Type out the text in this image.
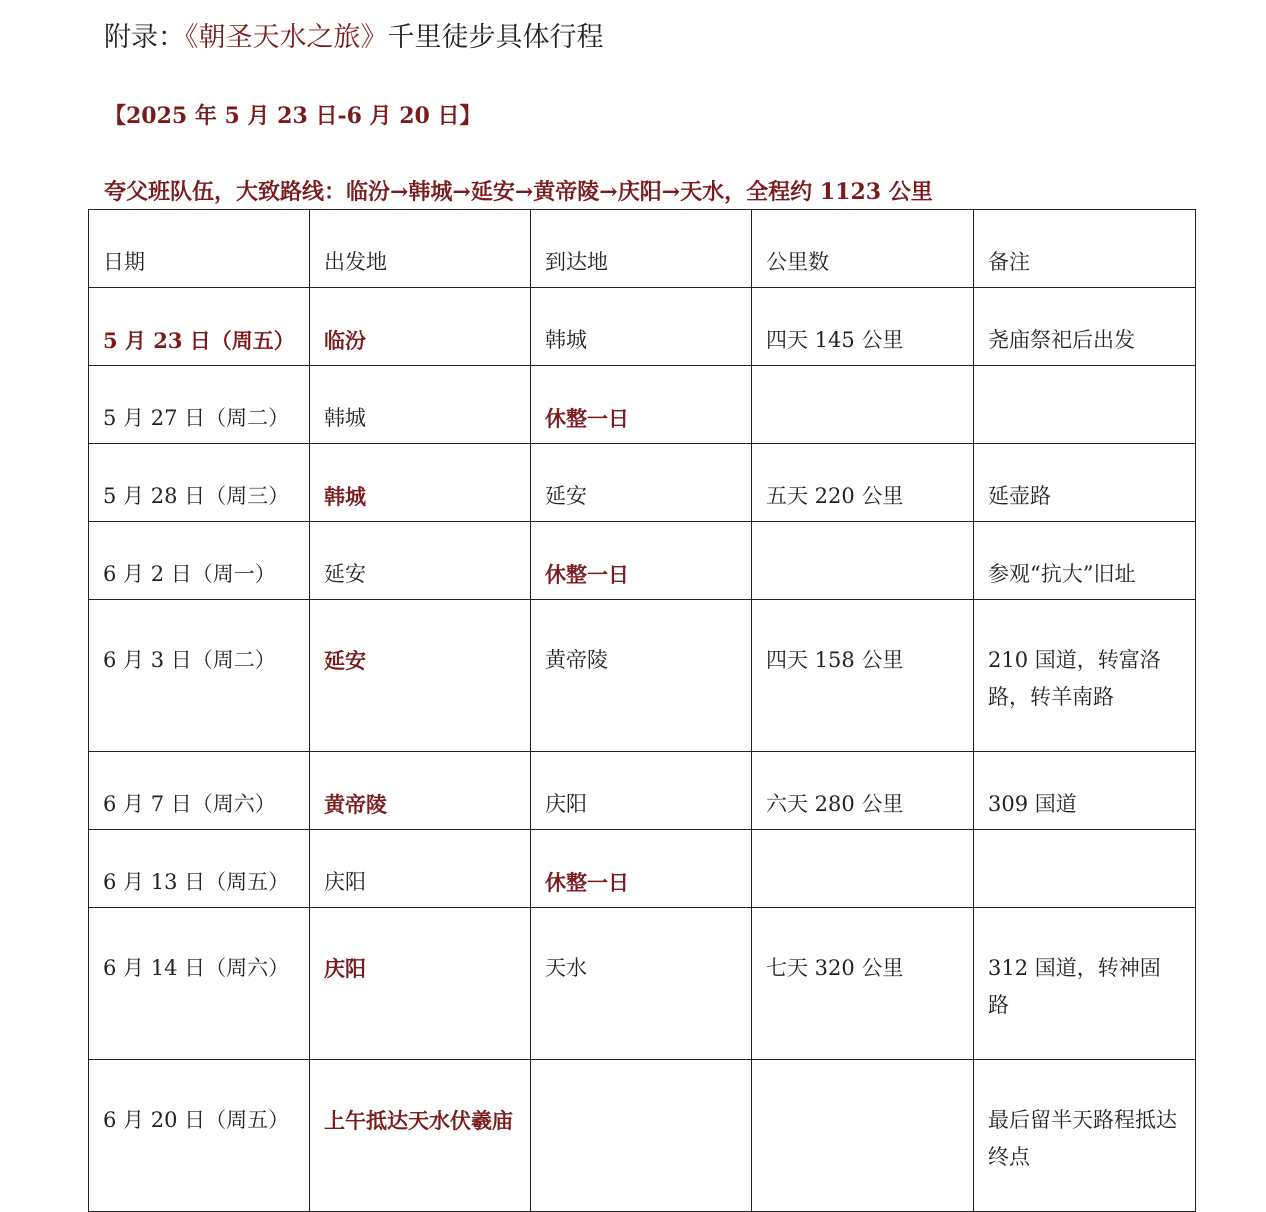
附录：《朝圣天水之旅》千里徒步具体行程
【2025 年 5 月 23 日-6 月 20 日】
夸父班队伍，大致路线：临汾→韩城→延安→黄帝陵→庆阳→天水，全程约 1123 公里
日期	出发地	到达地	公里数	备注
5 月 23 日（周五）	临汾	韩城	四天 145 公里	尧庙祭祀后出发
5 月 27 日（周二）	韩城	休整一日		
5 月 28 日（周三）	韩城	延安	五天 220 公里	延壶路
6 月 2 日（周一）	延安	休整一日		参观“抗大”旧址
6 月 3 日（周二）	延安	黄帝陵	四天 158 公里	210 国道，转富洛路，转羊南路
6 月 7 日（周六）	黄帝陵	庆阳	六天 280 公里	309 国道
6 月 13 日（周五）	庆阳	休整一日		
6 月 14 日（周六）	庆阳	天水	七天 320 公里	312 国道，转神固路
6 月 20 日（周五）	上午抵达天水伏羲庙			最后留半天路程抵达终点
